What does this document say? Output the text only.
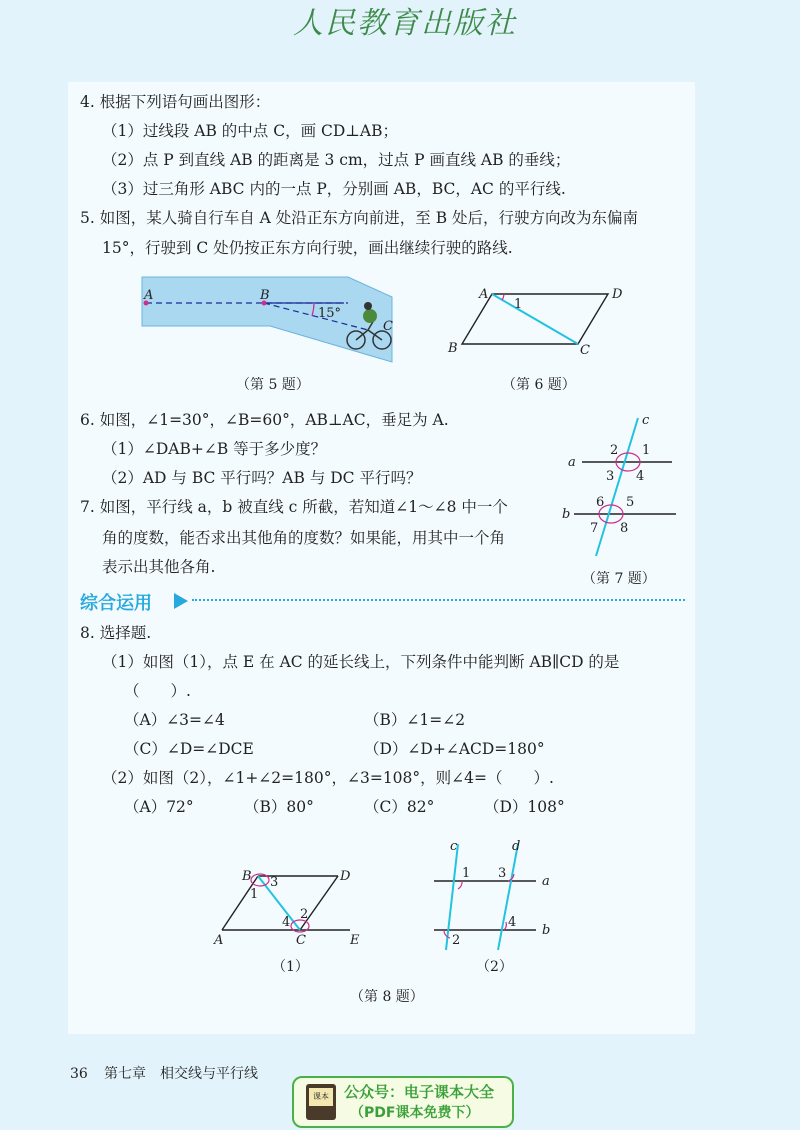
人民教育出版社
4. 根据下列语句画出图形：
（1）过线段 AB 的中点 C，画 CD⊥AB；
（2）点 P 到直线 AB 的距离是 3 cm，过点 P 画直线 AB 的垂线；
（3）过三角形 ABC 内的一点 P，分别画 AB，BC，AC 的平行线.
5. 如图，某人骑自行车自 A 处沿正东方向前进，至 B 处后，行驶方向改为东偏南
15°，行驶到 C 处仍按正东方向行驶，画出继续行驶的路线.
A	B
C
15°
（第 5 题）
A	D
B	C
1
（第 6 题）
6. 如图，∠1=30°，∠B=60°，AB⊥AC，垂足为 A.
（1）∠DAB+∠B 等于多少度？
（2）AD 与 BC 平行吗？AB 与 DC 平行吗？
7. 如图，平行线 a，b 被直线 c 所截，若知道∠1～∠8 中一个
角的度数，能否求出其他角的度数？如果能，用其中一个角
表示出其他各角.
c
a
b
2 1
3 4
6 5
7 8
（第 7 题）
综合运用
8. 选择题.
（1）如图（1），点 E 在 AC 的延长线上，下列条件中能判断 AB∥CD 的是
（　　）.
（A）∠3=∠4	（B）∠1=∠2
（C）∠D=∠DCE	（D）∠D+∠ACD=180°
（2）如图（2），∠1+∠2=180°，∠3=108°，则∠4=（　　）.
（A）72°	（B）80°	（C）82°	（D）108°
B	D
A	C	E
1
3
4
2
（1）
c	d
a
b
1 3
4
2
（2）
（第 8 题）
36 第七章　相交线与平行线
课本 公众号：电子课本大全
（PDF课本免费下）
